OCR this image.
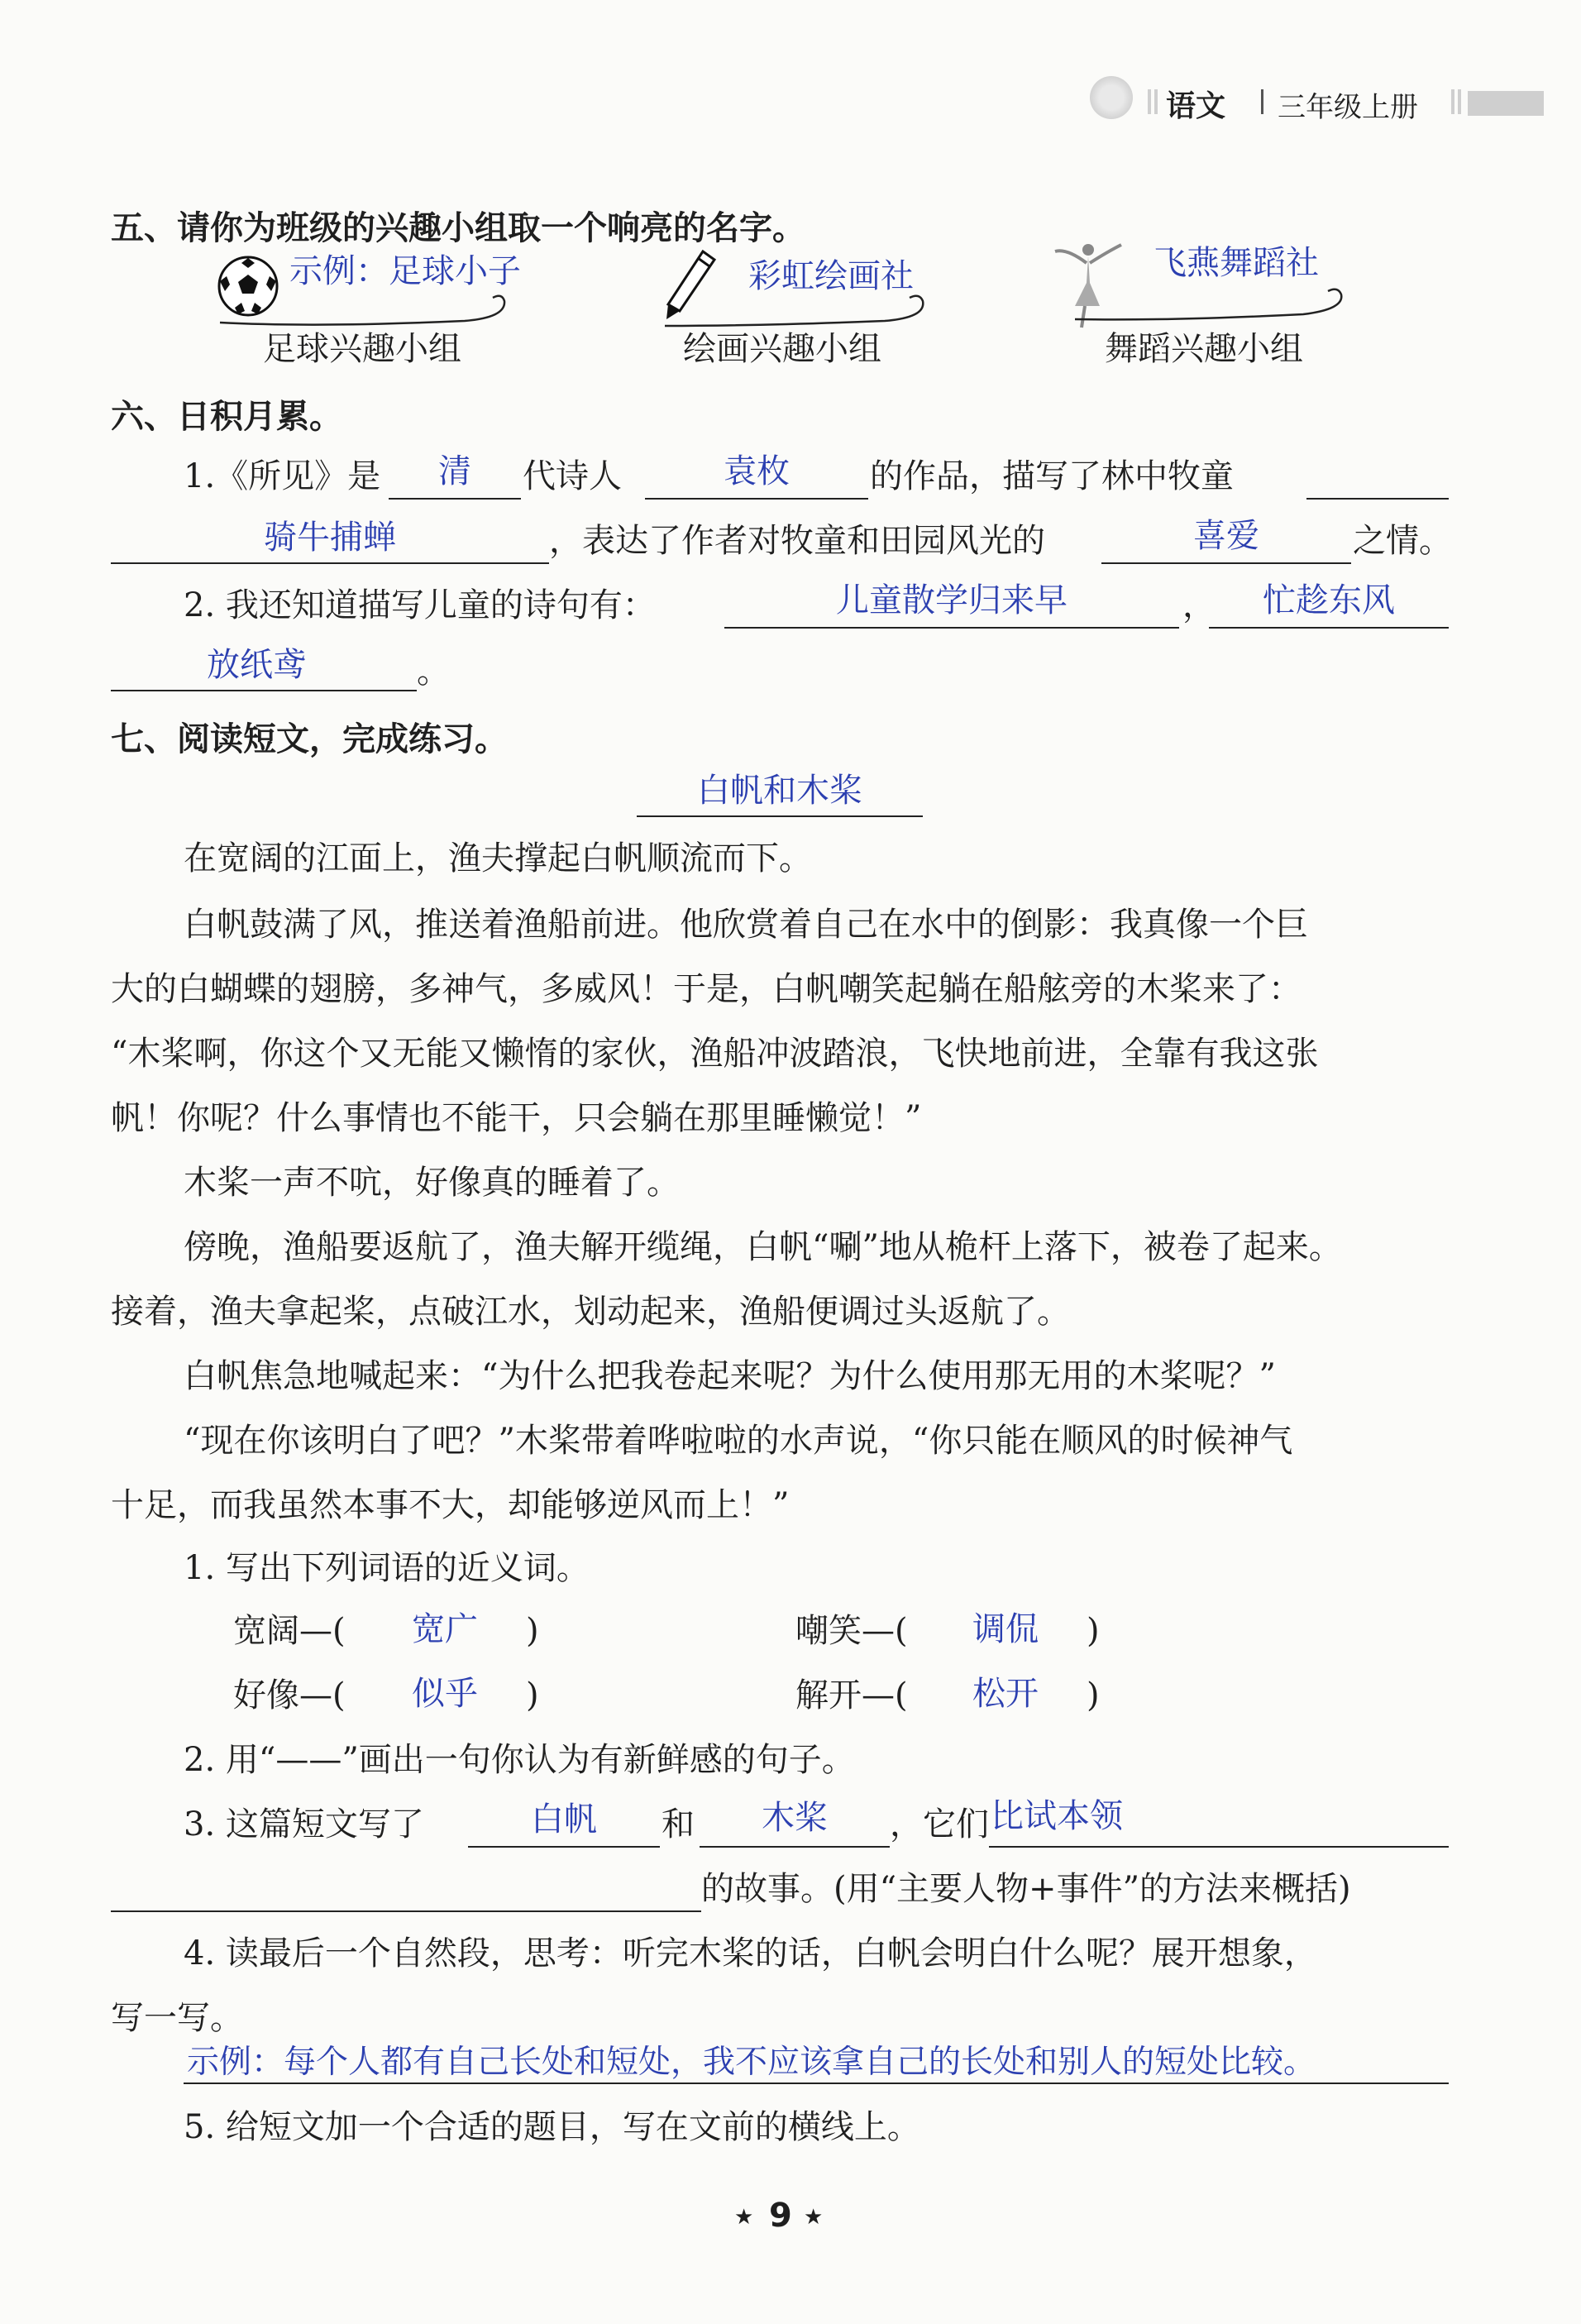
语文 三年级上册
五、请你为班级的兴趣小组取一个响亮的名字。
示例：足球小子
足球兴趣小组
彩虹绘画社
绘画兴趣小组
飞燕舞蹈社
舞蹈兴趣小组
六、日积月累。
1.《所见》是	清	代诗人	袁枚	的作品，描写了林中牧童
骑牛捕蝉	，表达了作者对牧童和田园风光的	喜爱	之情。
2. 我还知道描写儿童的诗句有：	儿童散学归来早	，	忙趁东风
放纸鸢	。
七、阅读短文，完成练习。
白帆和木桨
在宽阔的江面上，渔夫撑起白帆顺流而下。
白帆鼓满了风，推送着渔船前进。他欣赏着自己在水中的倒影：我真像一个巨
大的白蝴蝶的翅膀，多神气，多威风！于是，白帆嘲笑起躺在船舷旁的木桨来了：
“木桨啊，你这个又无能又懒惰的家伙，渔船冲波踏浪，飞快地前进，全靠有我这张
帆！你呢？什么事情也不能干，只会躺在那里睡懒觉！”
木桨一声不吭，好像真的睡着了。
傍晚，渔船要返航了，渔夫解开缆绳，白帆“唰”地从桅杆上落下，被卷了起来。
接着，渔夫拿起桨，点破江水，划动起来，渔船便调过头返航了。
白帆焦急地喊起来：“为什么把我卷起来呢？为什么使用那无用的木桨呢？”
“现在你该明白了吧？”木桨带着哗啦啦的水声说，“你只能在顺风的时候神气
十足，而我虽然本事不大，却能够逆风而上！”
1. 写出下列词语的近义词。
宽阔—(	宽广	)	嘲笑—(	调侃	)
好像—(	似乎	)	解开—(	松开	)
2. 用“——”画出一句你认为有新鲜感的句子。
3. 这篇短文写了	白帆	和	木桨	，它们 比试本领
的故事。(用“主要人物+事件”的方法来概括)
4. 读最后一个自然段，思考：听完木桨的话，白帆会明白什么呢？展开想象，
写一写。
示例：每个人都有自己长处和短处，我不应该拿自己的长处和别人的短处比较。
5. 给短文加一个合适的题目，写在文前的横线上。
★ 9 ★
